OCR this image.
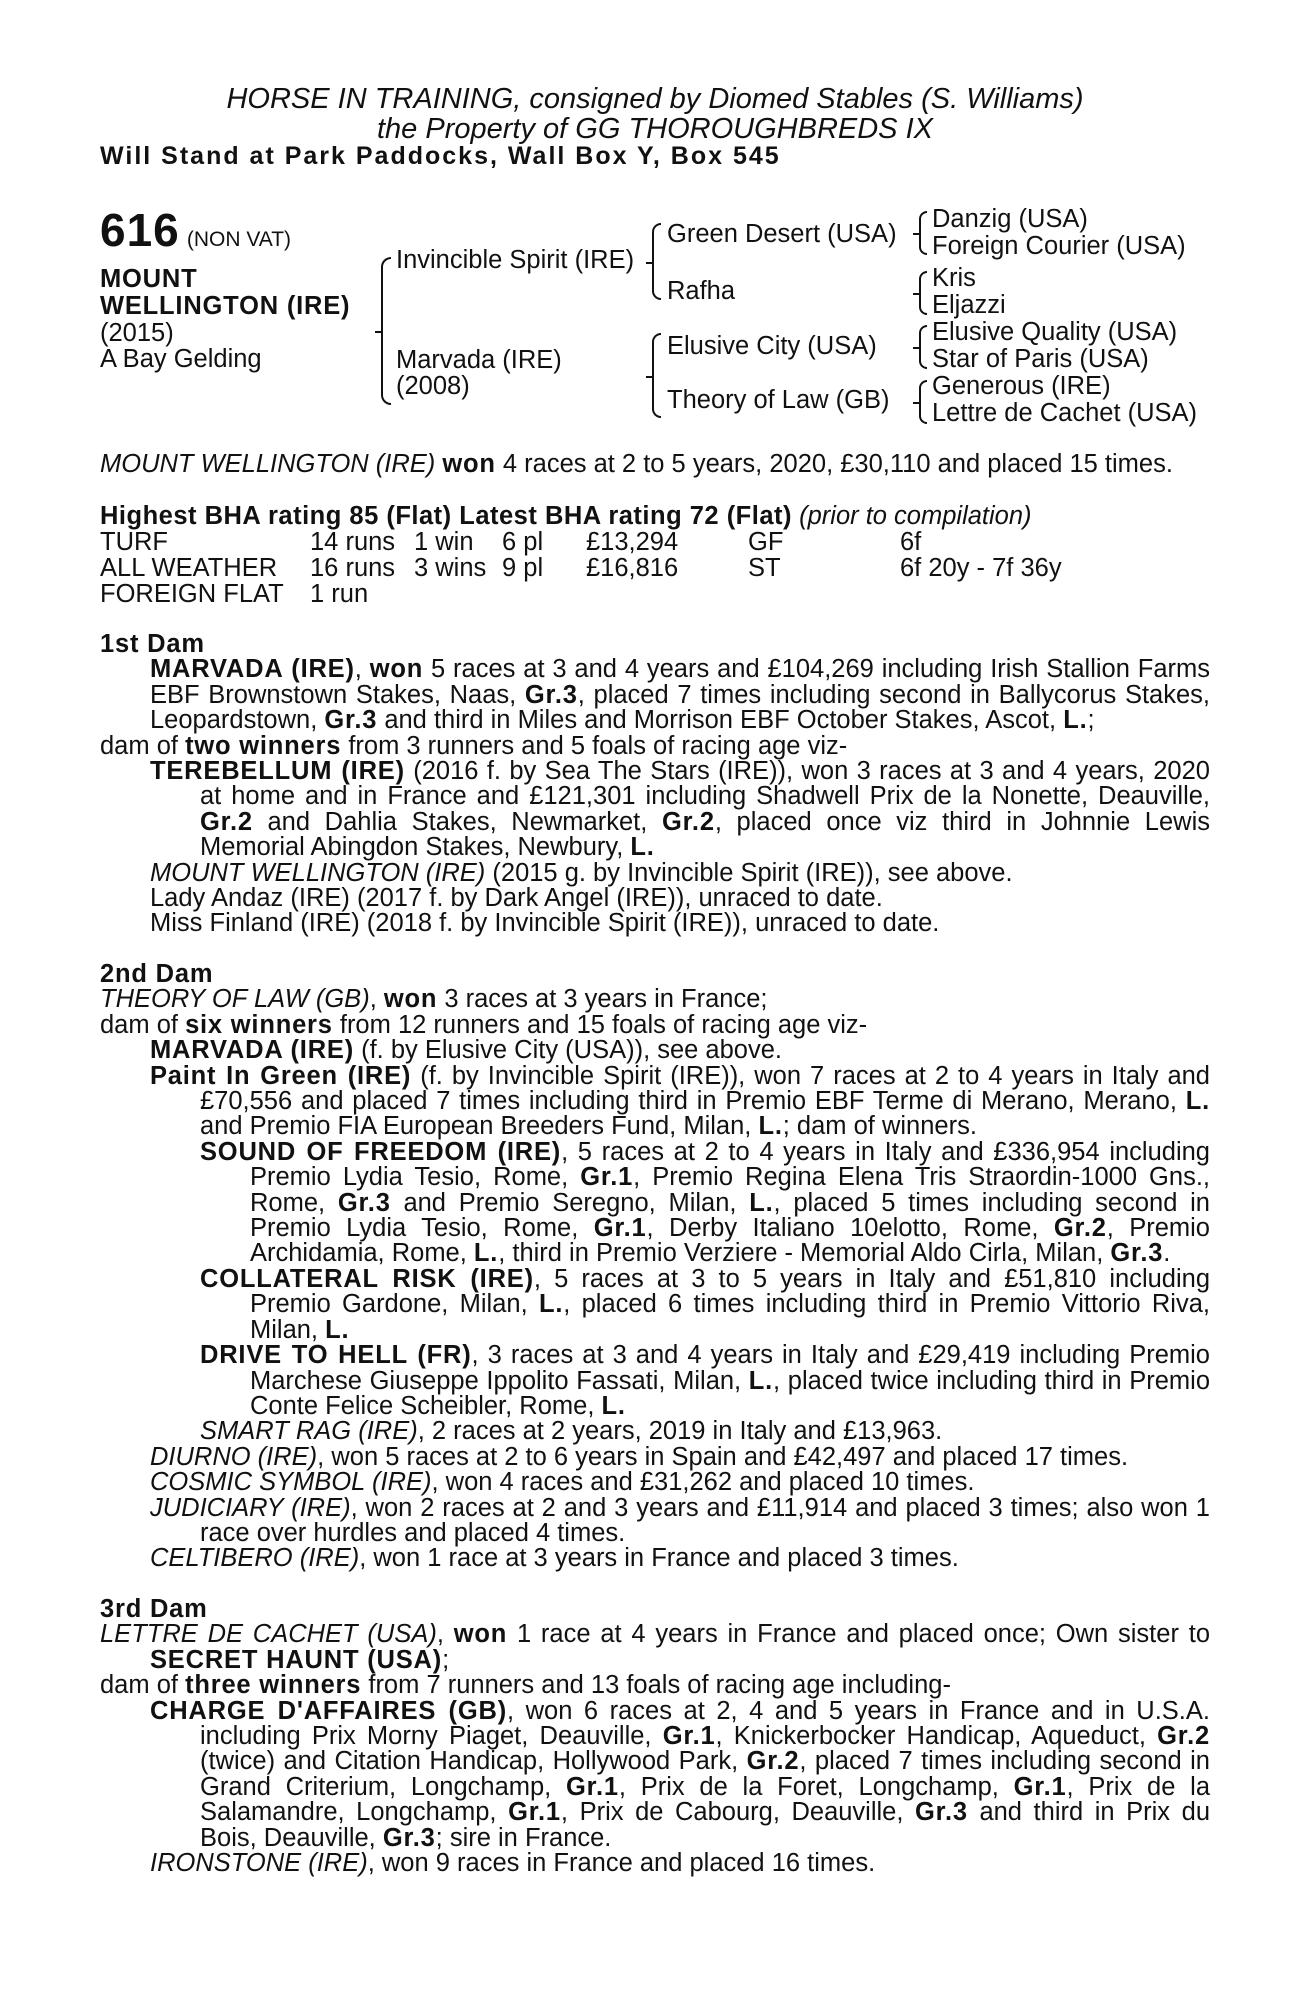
HORSE IN TRAINING, consigned by Diomed Stables (S. Williams)

the Property of GG THOROUGHBREDS IX

Will Stand at Park Paddocks, Wall Box Y, Box 545

616 (NON VAT)
MOUNT
WELLINGTON (IRE)
(2015)
A Bay Gelding
Invincible Spirit (IRE)
Marvada (IRE)
(2008)
Green Desert (USA)
Rafha
Elusive City (USA)
Theory of Law (GB)
Danzig (USA)
Foreign Courier (USA)
Kris
Eljazzi
Elusive Quality (USA)
Star of Paris (USA)
Generous (IRE)
Lettre de Cachet (USA)

MOUNT WELLINGTON (IRE) won 4 races at 2 to 5 years, 2020, £30,110 and placed 15 times.

Highest BHA rating 85 (Flat) Latest BHA rating 72 (Flat) (prior to compilation)
TURF	14 runs 1 win 6 pl £13,294	GF	6f
ALL WEATHER 16 runs 3 wins 9 pl £16,816	ST	6f 20y - 7f 36y
FOREIGN FLAT 1 run

1st Dam

MARVADA (IRE), won 5 races at 3 and 4 years and £104,269 including Irish Stallion Farms EBF Brownstown Stakes, Naas, Gr.3, placed 7 times including second in Ballycorus Stakes, Leopardstown, Gr.3 and third in Miles and Morrison EBF October Stakes, Ascot, L.;

dam of two winners from 3 runners and 5 foals of racing age viz-

TEREBELLUM (IRE) (2016 f. by Sea The Stars (IRE)), won 3 races at 3 and 4 years, 2020 at home and in France and £121,301 including Shadwell Prix de la Nonette, Deauville, Gr.2 and Dahlia Stakes, Newmarket, Gr.2, placed once viz third in Johnnie Lewis Memorial Abingdon Stakes, Newbury, L.

MOUNT WELLINGTON (IRE) (2015 g. by Invincible Spirit (IRE)), see above.

Lady Andaz (IRE) (2017 f. by Dark Angel (IRE)), unraced to date.

Miss Finland (IRE) (2018 f. by Invincible Spirit (IRE)), unraced to date.

2nd Dam

THEORY OF LAW (GB), won 3 races at 3 years in France;

dam of six winners from 12 runners and 15 foals of racing age viz-

MARVADA (IRE) (f. by Elusive City (USA)), see above.

Paint In Green (IRE) (f. by Invincible Spirit (IRE)), won 7 races at 2 to 4 years in Italy and £70,556 and placed 7 times including third in Premio EBF Terme di Merano, Merano, L. and Premio FIA European Breeders Fund, Milan, L.; dam of winners.

SOUND OF FREEDOM (IRE), 5 races at 2 to 4 years in Italy and £336,954 including Premio Lydia Tesio, Rome, Gr.1, Premio Regina Elena Tris Straordin-1000 Gns., Rome, Gr.3 and Premio Seregno, Milan, L., placed 5 times including second in Premio Lydia Tesio, Rome, Gr.1, Derby Italiano 10elotto, Rome, Gr.2, Premio Archidamia, Rome, L., third in Premio Verziere - Memorial Aldo Cirla, Milan, Gr.3.

COLLATERAL RISK (IRE), 5 races at 3 to 5 years in Italy and £51,810 including Premio Gardone, Milan, L., placed 6 times including third in Premio Vittorio Riva, Milan, L.

DRIVE TO HELL (FR), 3 races at 3 and 4 years in Italy and £29,419 including Premio Marchese Giuseppe Ippolito Fassati, Milan, L., placed twice including third in Premio Conte Felice Scheibler, Rome, L.

SMART RAG (IRE), 2 races at 2 years, 2019 in Italy and £13,963.

DIURNO (IRE), won 5 races at 2 to 6 years in Spain and £42,497 and placed 17 times.

COSMIC SYMBOL (IRE), won 4 races and £31,262 and placed 10 times.

JUDICIARY (IRE), won 2 races at 2 and 3 years and £11,914 and placed 3 times; also won 1 race over hurdles and placed 4 times.

CELTIBERO (IRE), won 1 race at 3 years in France and placed 3 times.

3rd Dam

LETTRE DE CACHET (USA), won 1 race at 4 years in France and placed once; Own sister to SECRET HAUNT (USA);

dam of three winners from 7 runners and 13 foals of racing age including-

CHARGE D'AFFAIRES (GB), won 6 races at 2, 4 and 5 years in France and in U.S.A. including Prix Morny Piaget, Deauville, Gr.1, Knickerbocker Handicap, Aqueduct, Gr.2 (twice) and Citation Handicap, Hollywood Park, Gr.2, placed 7 times including second in Grand Criterium, Longchamp, Gr.1, Prix de la Foret, Longchamp, Gr.1, Prix de la Salamandre, Longchamp, Gr.1, Prix de Cabourg, Deauville, Gr.3 and third in Prix du Bois, Deauville, Gr.3; sire in France.

IRONSTONE (IRE), won 9 races in France and placed 16 times.
